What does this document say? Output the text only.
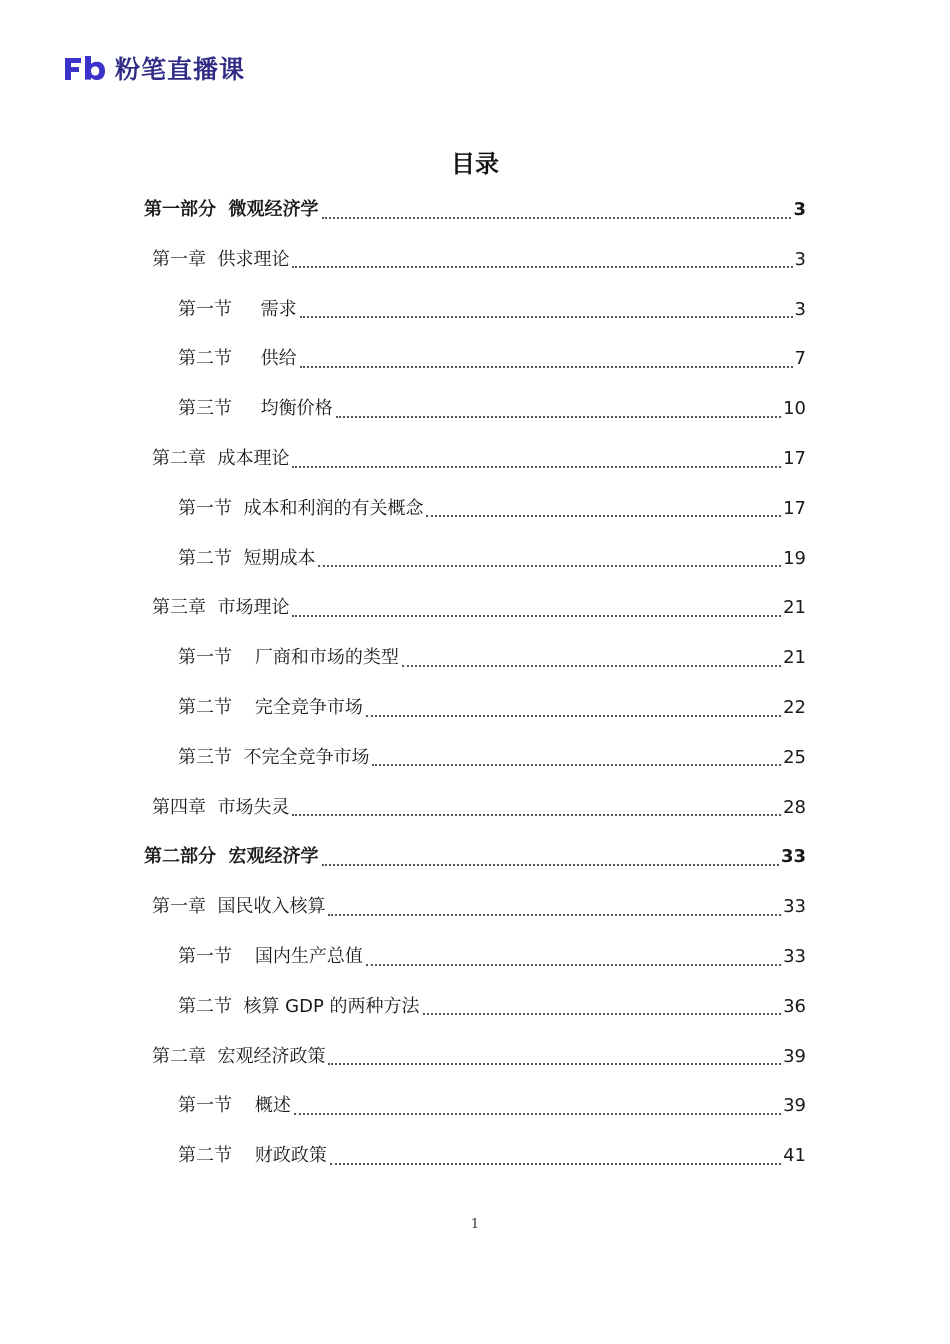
粉笔直播课
目录
第一部分  微观经济学	3
第一章  供求理论	3
第一节     需求	3
第二节     供给	7
第三节     均衡价格	10
第二章  成本理论	17
第一节  成本和利润的有关概念	17
第二节  短期成本	19
第三章  市场理论	21
第一节    厂商和市场的类型	21
第二节    完全竞争市场	22
第三节  不完全竞争市场	25
第四章  市场失灵	28
第二部分  宏观经济学	33
第一章  国民收入核算	33
第一节    国内生产总值	33
第二节  核算 GDP 的两种方法	36
第二章  宏观经济政策	39
第一节    概述	39
第二节    财政政策	41
1
